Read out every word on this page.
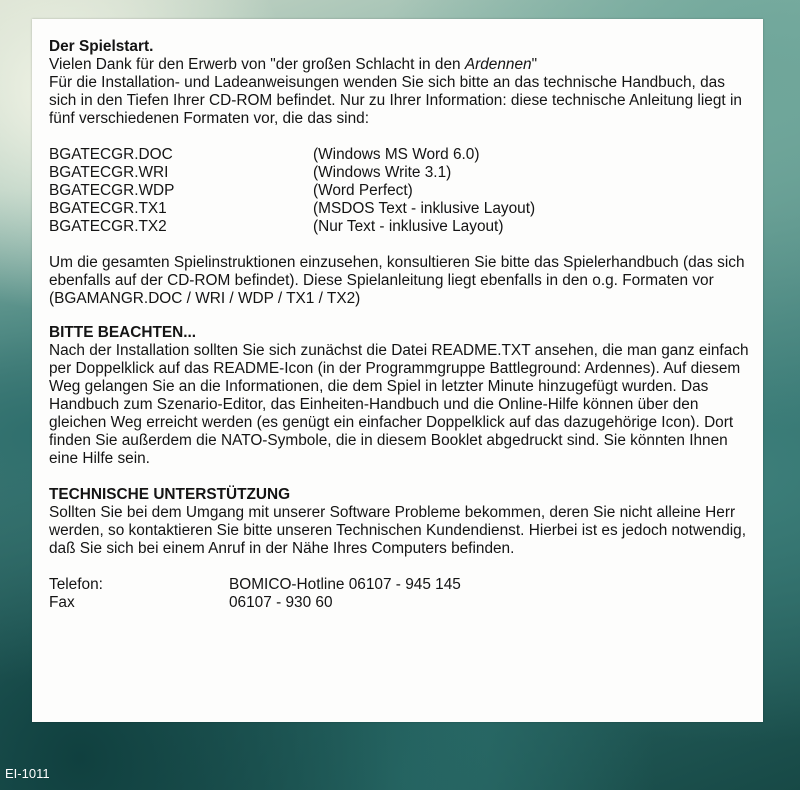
Der Spielstart.
Vielen Dank für den Erwerb von "der großen Schlacht in den Ardennen"
Für die Installation- und Ladeanweisungen wenden Sie sich bitte an das technische Handbuch, das sich in den Tiefen Ihrer CD-ROM befindet. Nur zu Ihrer Information: diese technische Anleitung liegt in fünf verschiedenen Formaten vor, die das sind:
BGATECGR.DOC	(Windows MS Word 6.0)
BGATECGR.WRI	(Windows Write 3.1)
BGATECGR.WDP	(Word Perfect)
BGATECGR.TX1	(MSDOS Text - inklusive Layout)
BGATECGR.TX2	(Nur Text - inklusive Layout)
Um die gesamten Spielinstruktionen einzusehen, konsultieren Sie bitte das Spielerhandbuch (das sich ebenfalls auf der CD-ROM befindet). Diese Spielanleitung liegt ebenfalls in den o.g. Formaten vor (BGAMANGR.DOC / WRI / WDP / TX1 / TX2)
BITTE BEACHTEN...
Nach der Installation sollten Sie sich zunächst die Datei README.TXT ansehen, die man ganz einfach per Doppelklick auf das README-Icon (in der Programmgruppe Battleground: Ardennes). Auf diesem Weg gelangen Sie an die Informationen, die dem Spiel in letzter Minute hinzugefügt wurden. Das Handbuch zum Szenario-Editor, das Einheiten-Handbuch und die Online-Hilfe können über den gleichen Weg erreicht werden (es genügt ein einfacher Doppelklick auf das dazugehörige Icon). Dort finden Sie außerdem die NATO-Symbole, die in diesem Booklet abgedruckt sind. Sie könnten Ihnen eine Hilfe sein.
TECHNISCHE UNTERSTÜTZUNG
Sollten Sie bei dem Umgang mit unserer Software Probleme bekommen, deren Sie nicht alleine Herr werden, so kontaktieren Sie bitte unseren Technischen Kundendienst. Hierbei ist es jedoch notwendig, daß Sie sich bei einem Anruf in der Nähe Ihres Computers befinden.
Telefon:	BOMICO-Hotline 06107 - 945 145
Fax	06107 - 930 60
EI-1011
